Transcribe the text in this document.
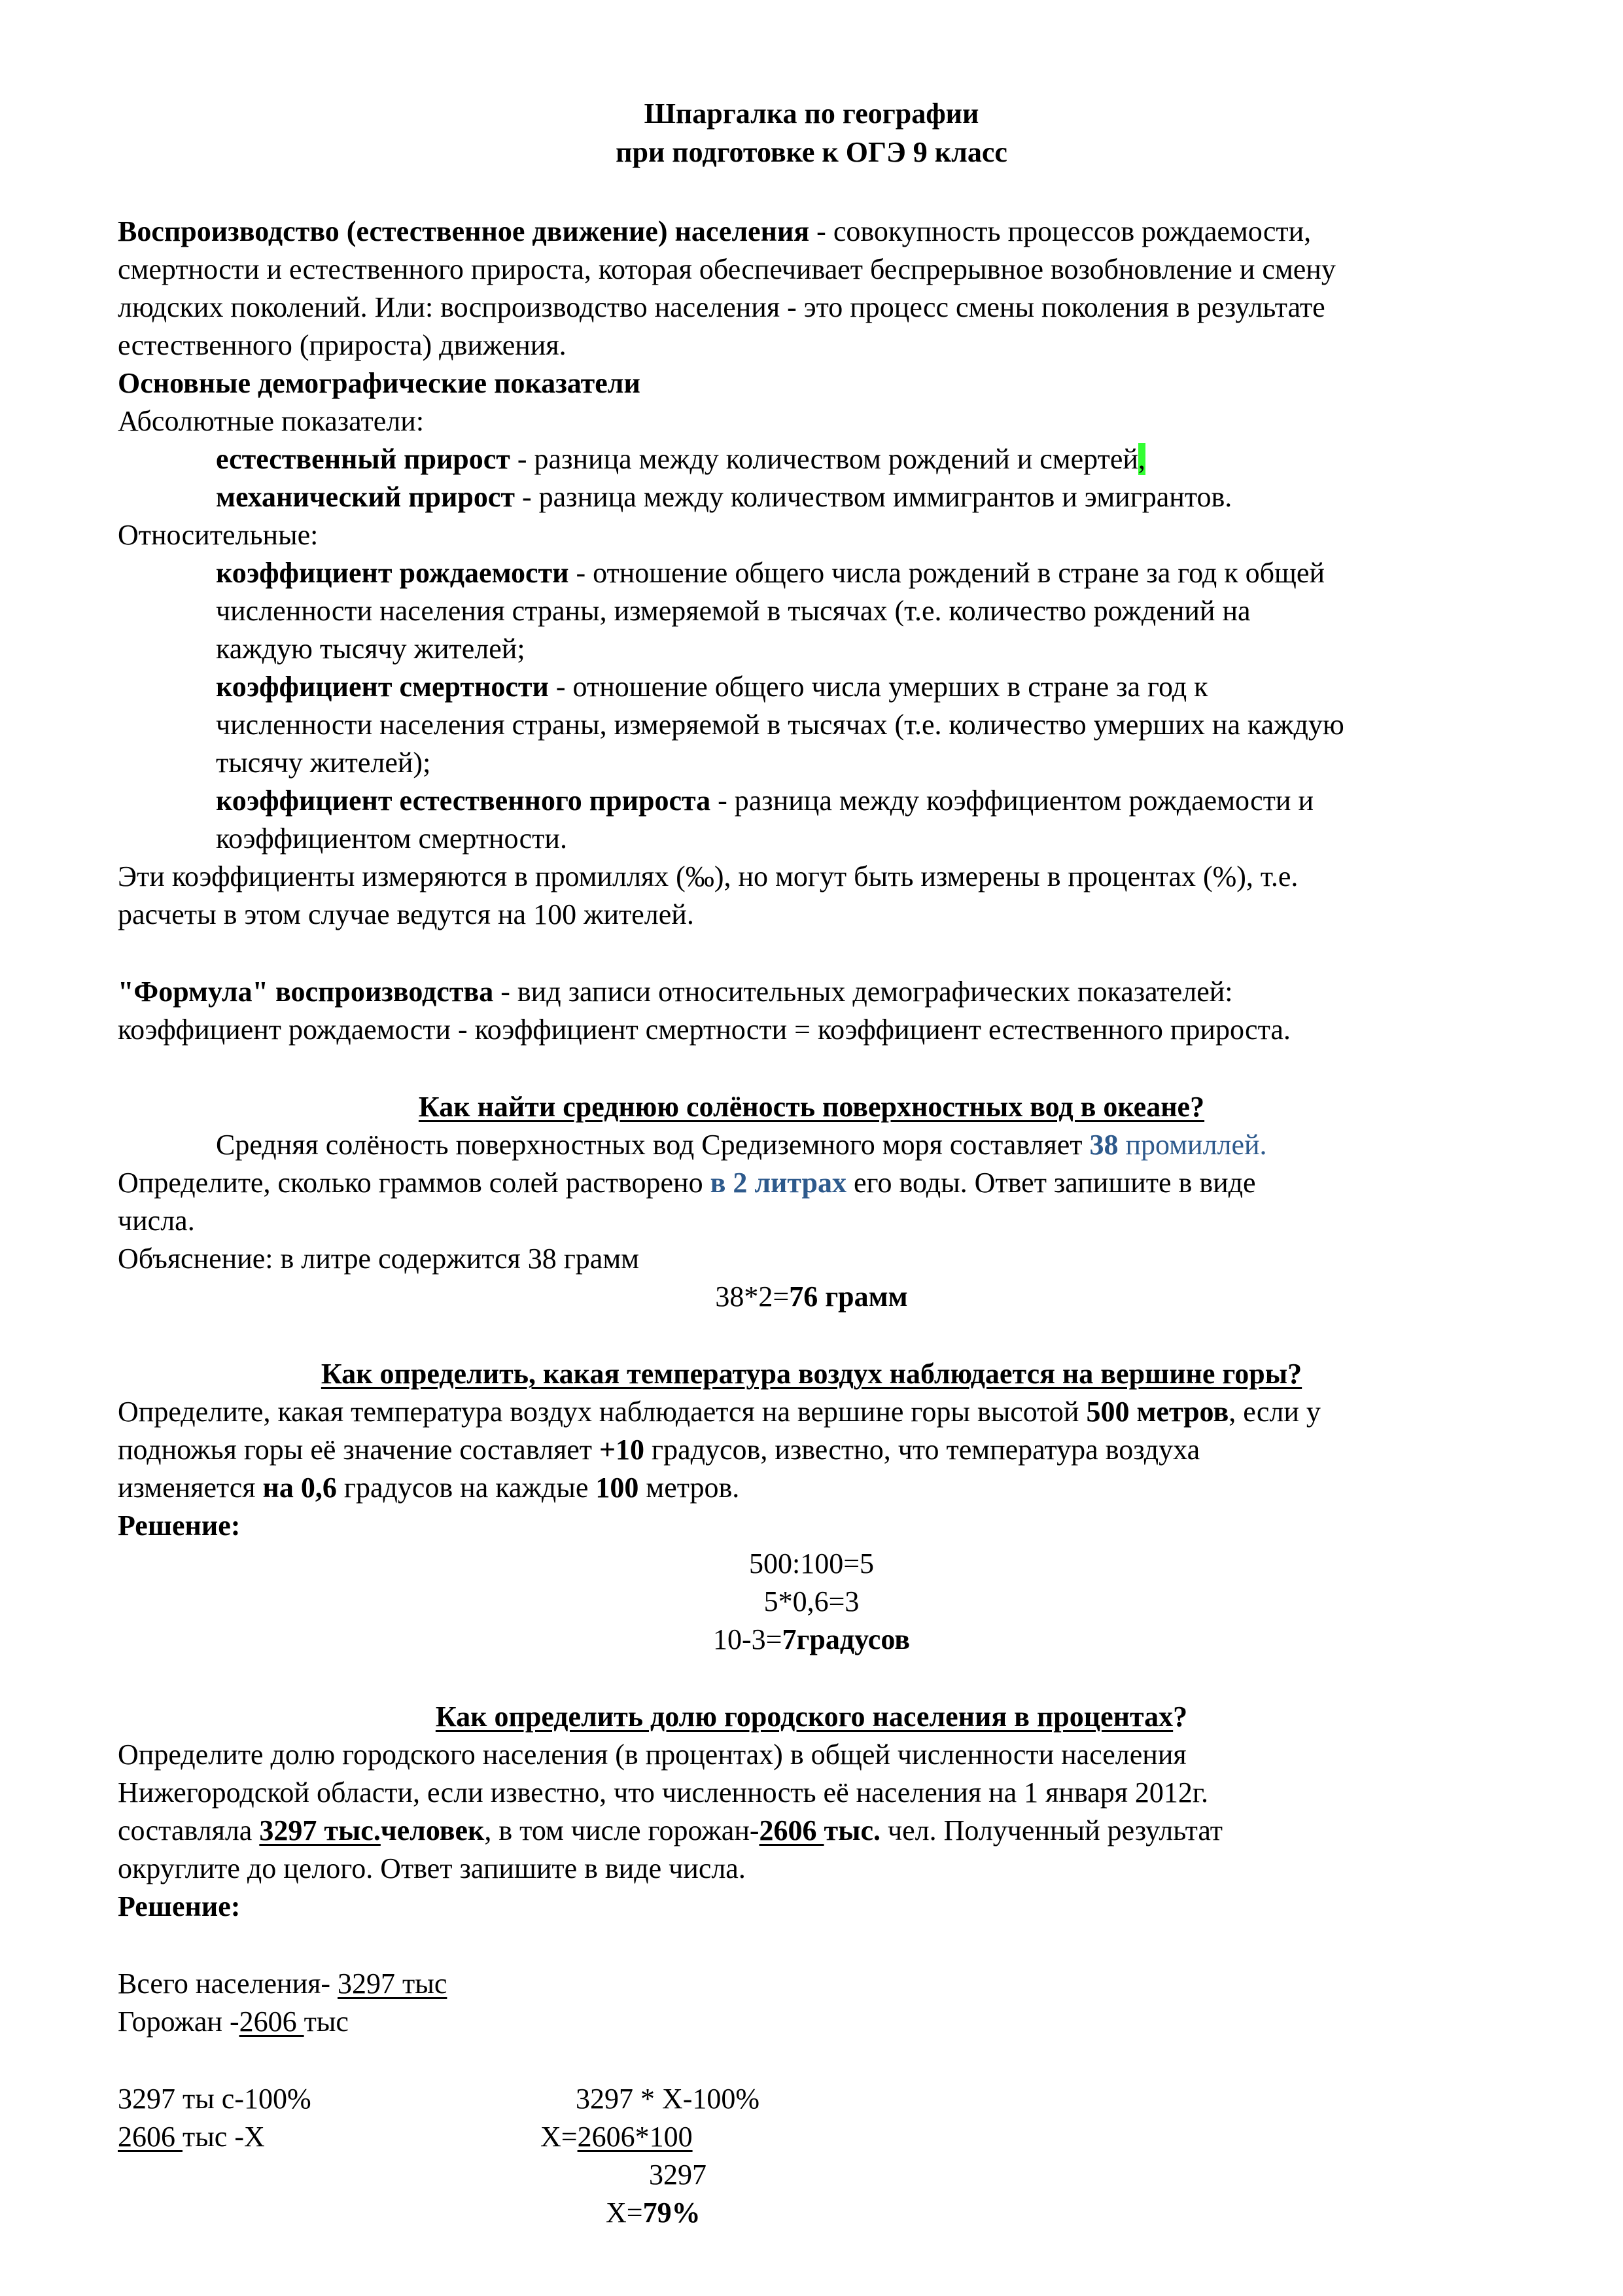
Шпаргалка по географии
при подготовке к ОГЭ 9 класс
Воспроизводство (естественное движение) населения - совокупность процессов рождаемости,
смертности и естественного прироста, которая обеспечивает беспрерывное возобновление и смену
людских поколений. Или: воспроизводство населения - это процесс смены поколения в результате
естественного (прироста) движения.
Основные демографические показатели
Абсолютные показатели:
естественный прирост - разница между количеством рождений и смертей,
механический прирост - разница между количеством иммигрантов и эмигрантов.
Относительные:
коэффициент рождаемости - отношение общего числа рождений в стране за год к общей
численности населения страны, измеряемой в тысячах (т.е. количество рождений на
каждую тысячу жителей;
коэффициент смертности - отношение общего числа умерших в стране за год к
численности населения страны, измеряемой в тысячах (т.е. количество умерших на каждую
тысячу жителей);
коэффициент естественного прироста - разница между коэффициентом рождаемости и
коэффициентом смертности.
Эти коэффициенты измеряются в промиллях (‰), но могут быть измерены в процентах (%), т.е.
расчеты в этом случае ведутся на 100 жителей.
"Формула" воспроизводства - вид записи относительных демографических показателей:
коэффициент рождаемости - коэффициент смертности = коэффициент естественного прироста.
Как найти среднюю солёность поверхностных вод в океане?
Средняя солёность поверхностных вод Средиземного моря составляет 38 промиллей.
Определите, сколько граммов солей растворено в 2 литрах его воды. Ответ запишите в виде
числа.
Объяснение: в литре содержится 38 грамм
38*2=76 грамм
Как определить, какая температура воздух наблюдается на вершине горы?
Определите, какая температура воздух наблюдается на вершине горы высотой 500 метров, если у
подножья горы её значение составляет +10 градусов, известно, что температура воздуха
изменяется на 0,6 градусов на каждые 100 метров.
Решение:
500:100=5
5*0,6=3
10-3=7градусов
Как определить долю городского населения в процентах?
Определите долю городского населения (в процентах) в общей численности населения
Нижегородской области, если известно, что численность её населения на 1 января 2012г.
составляла 3297 тыс.человек, в том числе горожан-2606 тыс. чел. Полученный результат
округлите до целого. Ответ запишите в виде числа.
Решение:
Всего населения- 3297 тыс
Горожан -2606 тыс
3297 ты с-100%
2606 тыс -Х
3297 * Х-100%
Х=2606*100
3297
Х=79%
